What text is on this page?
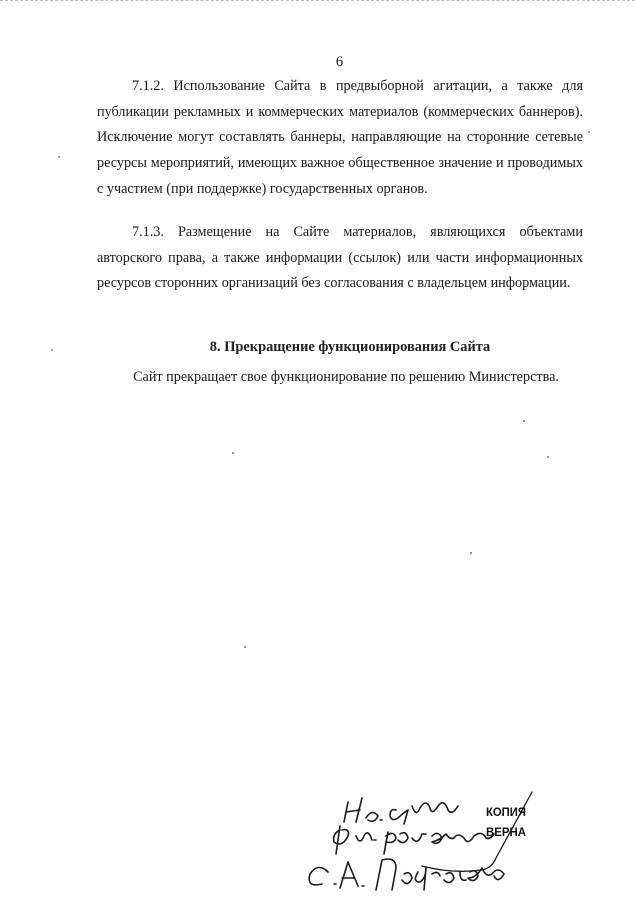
6

7.1.2. Использование Сайта в предвыборной агитации, а также для публикации рекламных и коммерческих материалов (коммерческих баннеров). Исключение могут составлять баннеры, направляющие на сторонние сетевые ресурсы мероприятий, имеющих важное общественное значение и проводимых с участием (при поддержке) государственных органов.

7.1.3. Размещение на Сайте материалов, являющихся объектами авторского права, а также информации (ссылок) или части информационных ресурсов сторонних организаций без согласования с владельцем информации.

8. Прекращение функционирования Сайта
Сайт прекращает свое функционирование по решению Министерства.
КОПИЯ
ВЕРНА
